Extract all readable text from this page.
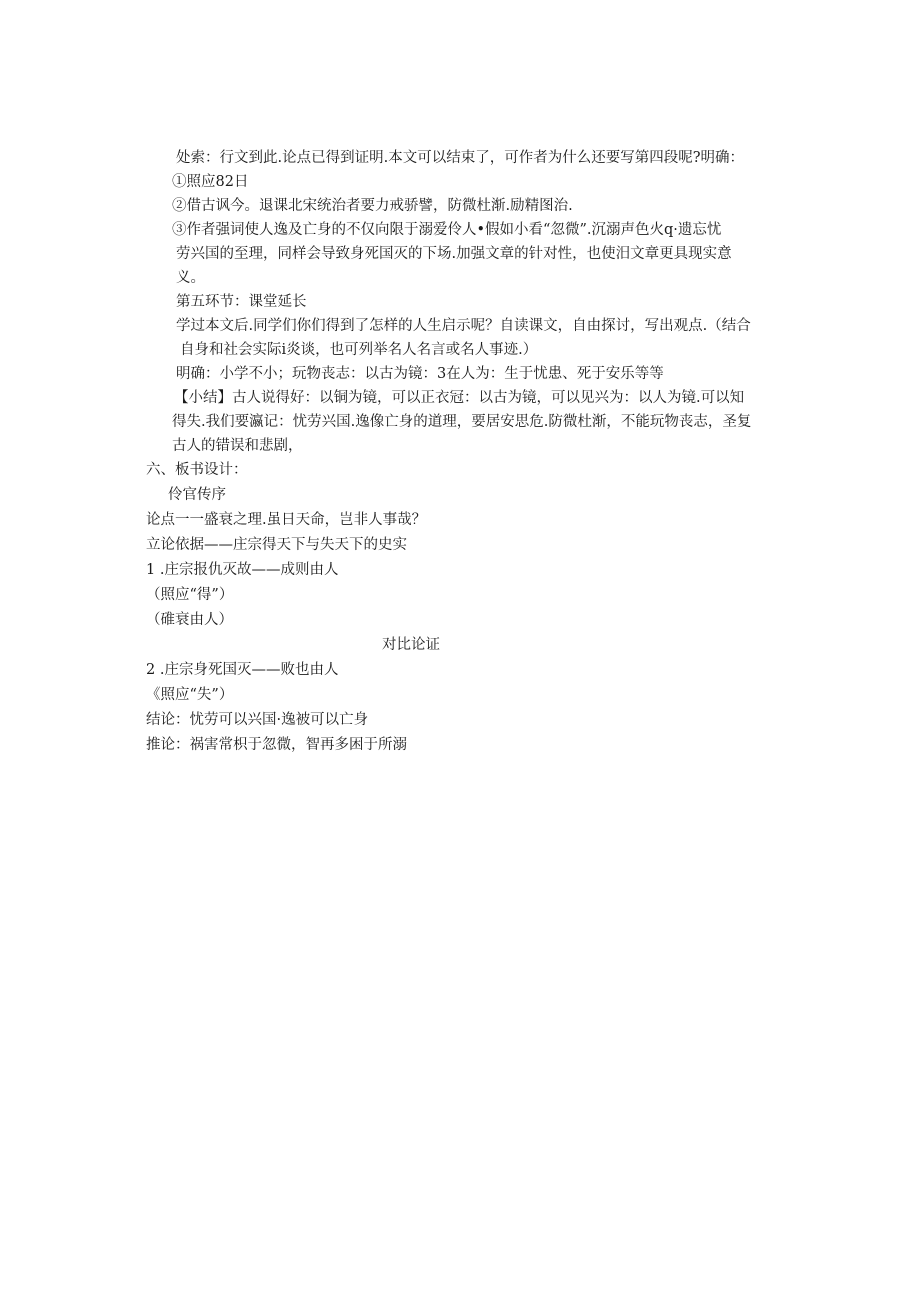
处索：行文到此.论点已得到证明.本文可以结束了，可作者为什么还要写第四段呢?明确：
①照应82日
②借古讽今。退课北宋统治者要力戒骄譬，防微杜渐.励精图治.
③作者强词使人逸及亡身的不仅向限于溺爱伶人•假如小看“忽微”.沉溺声色火q·遗忘忧
劳兴国的至理，同样会导致身死国灭的下场.加强文章的针对性，也使汨文章更具现实意
义。
第五环节：课堂延长
学过本文后.同学们你们得到了怎样的人生启示呢？自读课文，自由探讨，写出观点.（结合
自身和社会实际i炎谈，也可列举名人名言或名人事迹.）
明确：小学不小；玩物丧志：以古为镜：3在人为：生于忧患、死于安乐等等
【小结】古人说得好：以铜为镜，可以正衣冠：以古为镜，可以见兴为：以人为镜.可以知
得失.我们要瀛记：忧劳兴国.逸像亡身的道理，要居安思危.防微杜渐，不能玩物丧志，圣复
古人的错误和悲剧，
六、板书设计：
伶官传序
论点一一盛衰之理.虽日天命，岂非人事哉？
立论依据——庄宗得天下与失天下的史实
1 .庄宗报仇灭故——成则由人
（照应“得”）
（碓衰由人）
对比论证
2 .庄宗身死国灭——败也由人
《照应“失”）
结论：忧劳可以兴国·逸被可以亡身
推论：祸害常枳于忽微，智再多困于所溺
